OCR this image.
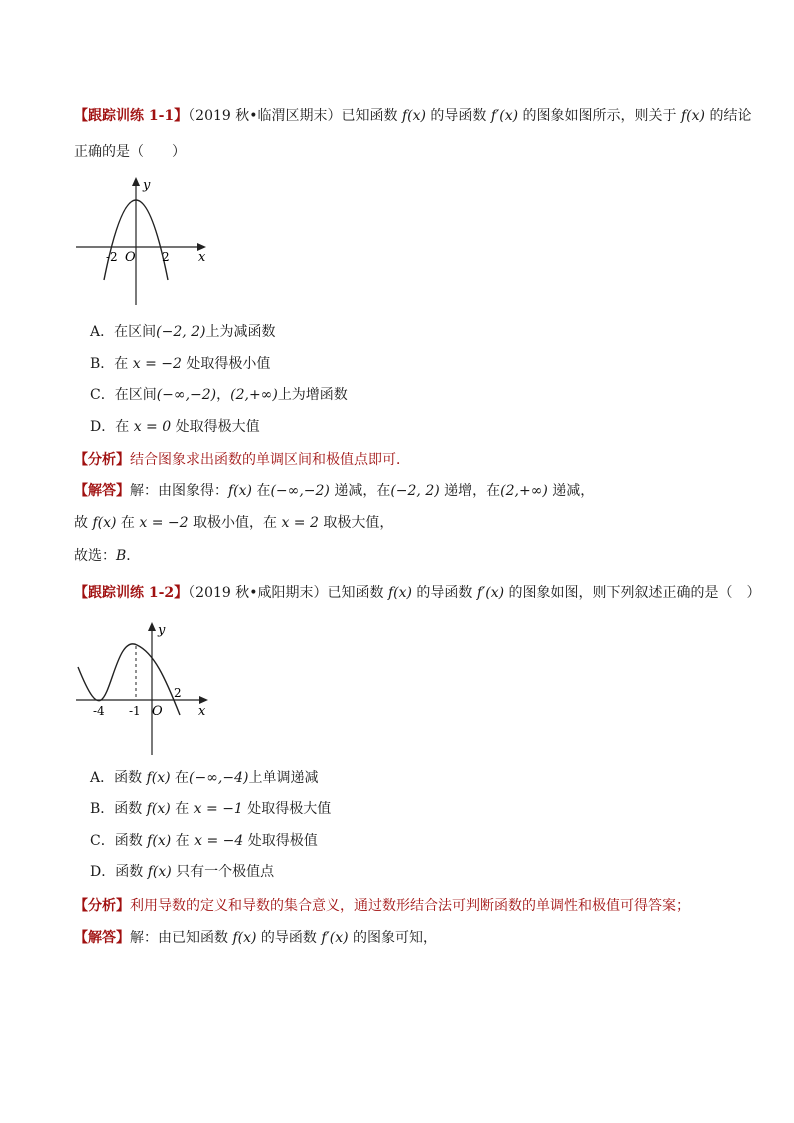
【跟踪训练 1-1】（2019 秋•临渭区期末）已知函数 f(x) 的导函数 f′(x) 的图象如图所示，则关于 f(x) 的结论
正确的是（　　）
y
x
O
-2	2
A．在区间(−2, 2)上为减函数
B．在 x = −2 处取得极小值
C．在区间(−∞,−2)，(2,+∞)上为增函数
D．在 x = 0 处取得极大值
【分析】结合图象求出函数的单调区间和极值点即可．
【解答】解：由图象得：f(x) 在(−∞,−2) 递减，在(−2, 2) 递增，在(2,+∞) 递减，
故 f(x) 在 x = −2 取极小值，在 x = 2 取极大值，
故选：B．
【跟踪训练 1-2】（2019 秋•咸阳期末）已知函数 f(x) 的导函数 f′(x) 的图象如图，则下列叙述正确的是（　）
y
x
O
-4 -1
2
A．函数 f(x) 在(−∞,−4)上单调递减
B．函数 f(x) 在 x = −1 处取得极大值
C．函数 f(x) 在 x = −4 处取得极值
D．函数 f(x) 只有一个极值点
【分析】利用导数的定义和导数的集合意义，通过数形结合法可判断函数的单调性和极值可得答案；
【解答】解：由已知函数 f(x) 的导函数 f′(x) 的图象可知，
